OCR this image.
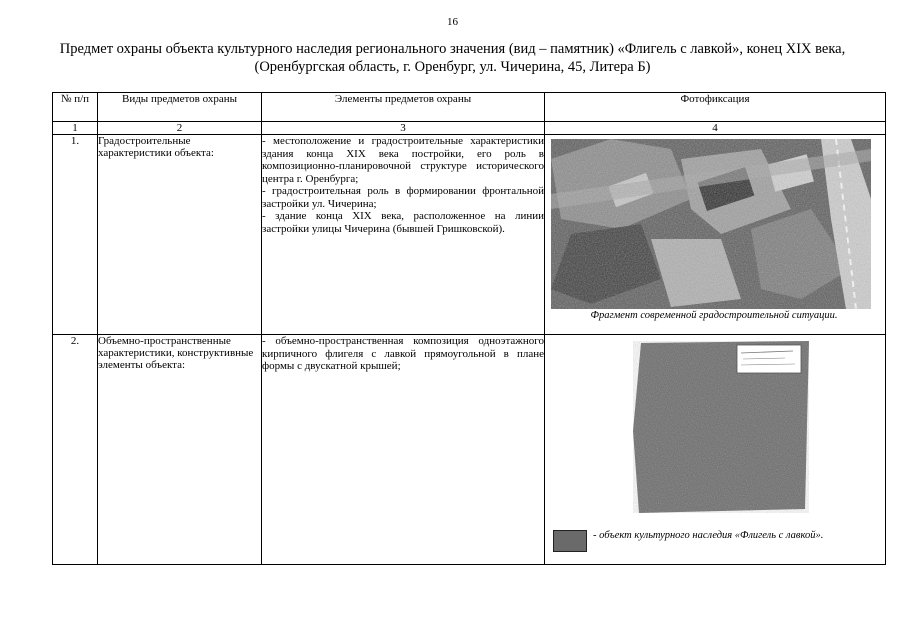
16
Предмет охраны объекта культурного наследия регионального значения (вид – памятник) «Флигель с лавкой», конец XIX века,
(Оренбургская область, г. Оренбург, ул. Чичерина, 45, Литера Б)
№ п/п	Виды предметов охраны	Элементы предметов охраны	Фотофиксация
1	2	3	4
1.	Градостроительные характеристики объекта:	- местоположение и градостроительные характеристики здания конца XIX века постройки, его роль в композиционно-планировочной структуре исторического центра г. Оренбурга;

- градостроительная роль в формировании фронтальной застройки ул. Чичерина;

- здание конца XIX века, расположенное на линии застройки улицы Чичерина (бывшей Гришковской).	Фрагмент современной градостроительной ситуации.

2.	Объемно-пространственные характеристики, конструктивные элементы объекта:	- объемно-пространственная композиция одноэтажного кирпичного флигеля с лавкой прямоугольной в плане формы с двускатной крышей;	- объект культурного наследия «Флигель с лавкой».
